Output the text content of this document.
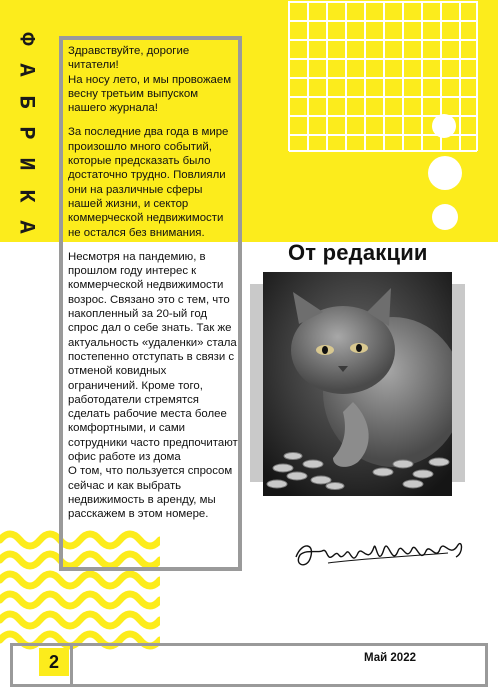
Ф
А
Б
Р
И
К
А

Здравствуйте, дорогие читатели!

На носу лето, и мы провожаем весну третьим выпуском нашего журнала!

За последние два года в мире произошло много событий, которые предсказать было достаточно трудно. Повлияли они на различные сферы нашей жизни, и сектор коммерческой недвижимости не остался без внимания.

Несмотря на пандемию, в прошлом году интерес к коммерческой недвижимости возрос. Связано это с тем, что накопленный за 20-ый год спрос дал о себе знать. Так же актуальность «удаленки» стала постепенно отступать в связи с отменой ковидных ограничений. Кроме того, работодатели стремятся сделать рабочие места более комфортными, и сами сотрудники часто предпочитают офис работе из дома

О том, что пользуется спросом сейчас и как выбрать недвижимость в аренду, мы расскажем в этом номере.

От редакции
2	Май 2022
